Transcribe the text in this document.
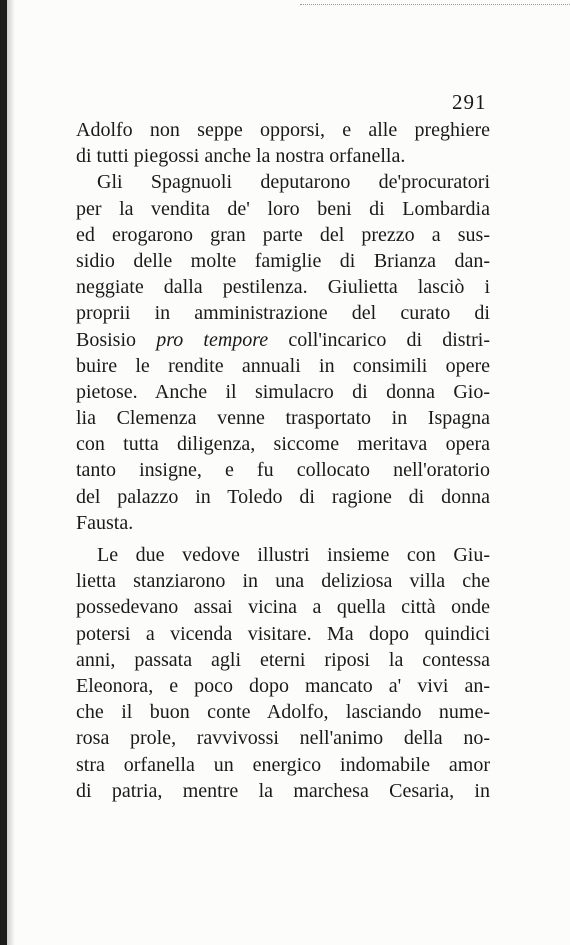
291
Adolfo non seppe opporsi, e alle preghiere
di tutti piegossi anche la nostra orfanella.
Gli Spagnuoli deputarono de'procuratori
per la vendita de' loro beni di Lombardia
ed erogarono gran parte del prezzo a sus-
sidio delle molte famiglie di Brianza dan-
neggiate dalla pestilenza. Giulietta lasciò i
proprii in amministrazione del curato di
Bosisio pro tempore coll'incarico di distri-
buire le rendite annuali in consimili opere
pietose. Anche il simulacro di donna Gio-
lia Clemenza venne trasportato in Ispagna
con tutta diligenza, siccome meritava opera
tanto insigne, e fu collocato nell'oratorio
del palazzo in Toledo di ragione di donna
Fausta.
Le due vedove illustri insieme con Giu-
lietta stanziarono in una deliziosa villa che
possedevano assai vicina a quella città onde
potersi a vicenda visitare. Ma dopo quindici
anni, passata agli eterni riposi la contessa
Eleonora, e poco dopo mancato a' vivi an-
che il buon conte Adolfo, lasciando nume-
rosa prole, ravvivossi nell'animo della no-
stra orfanella un energico indomabile amor
di patria, mentre la marchesa Cesaria, in
